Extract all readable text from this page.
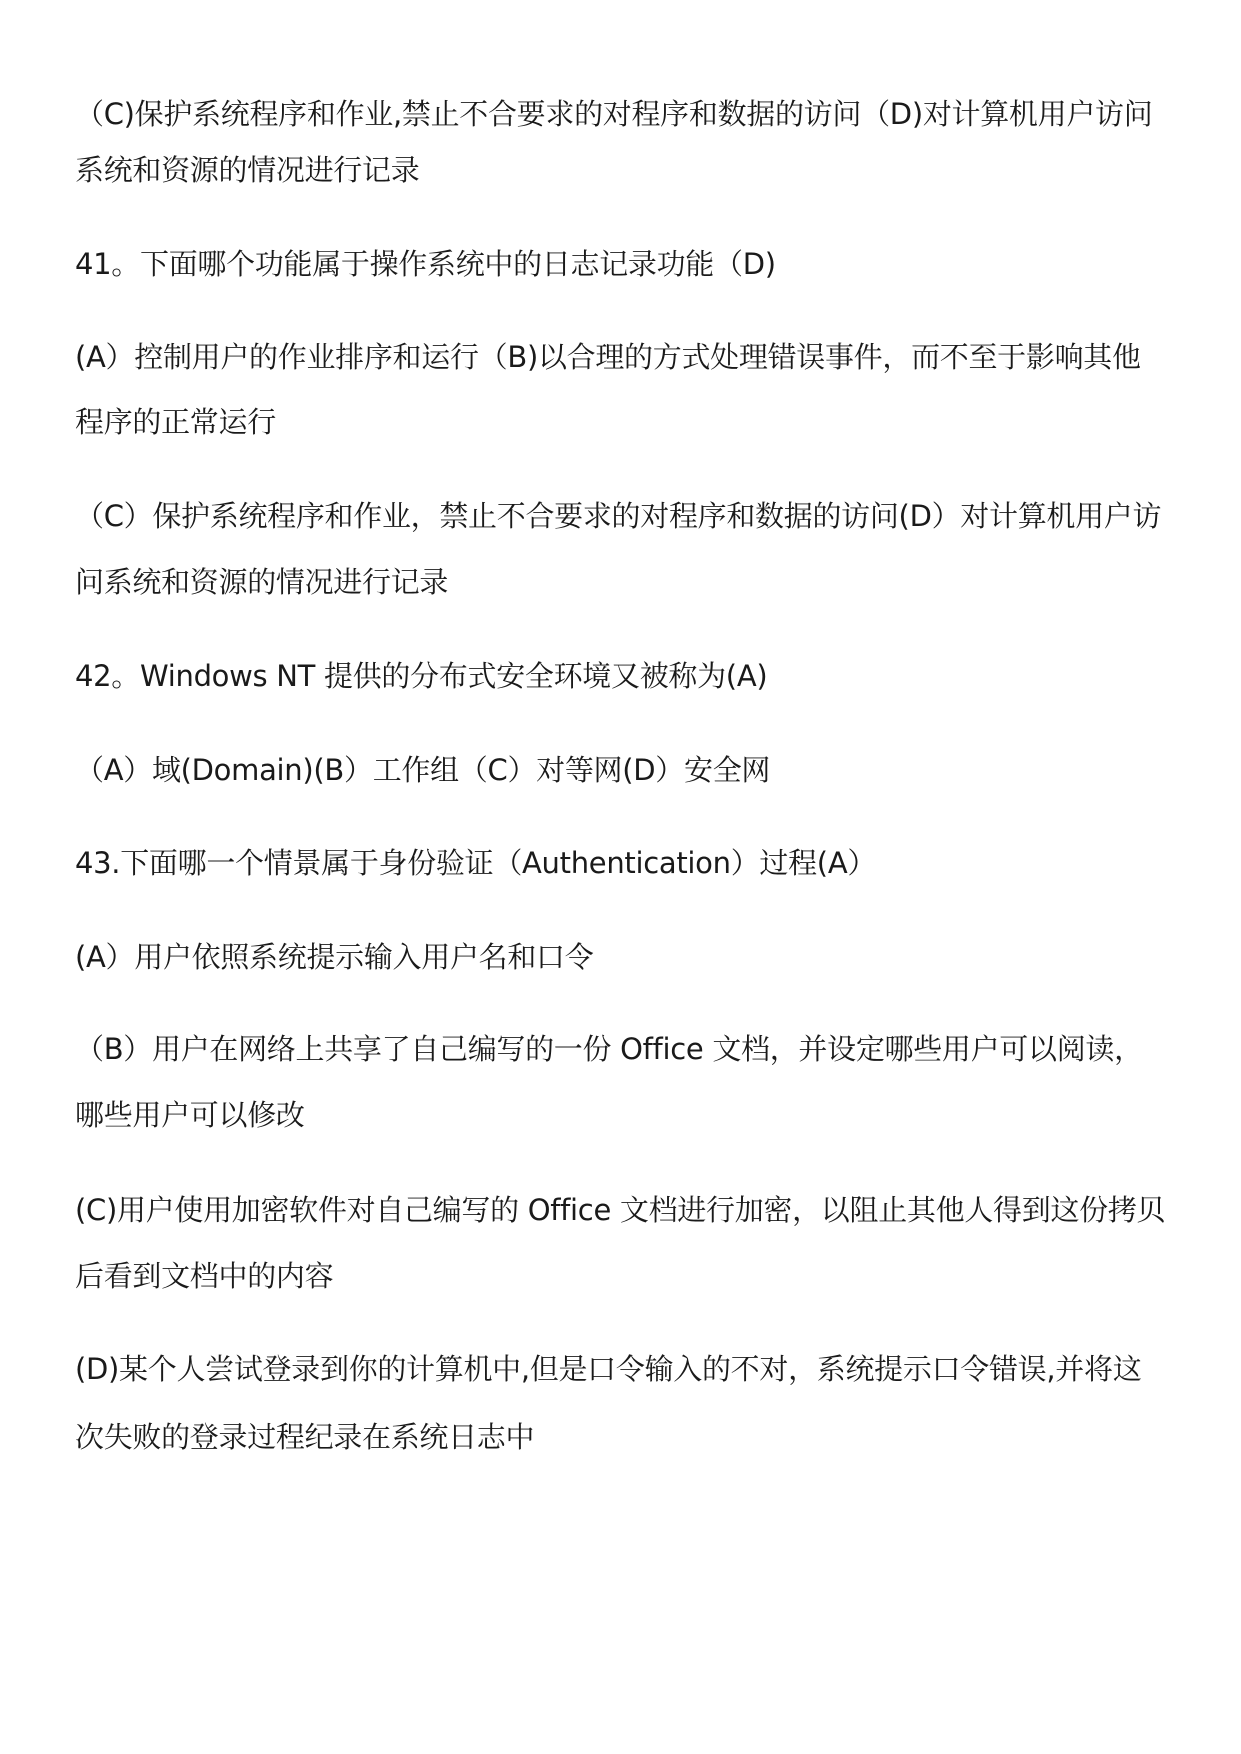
（C)保护系统程序和作业,禁止不合要求的对程序和数据的访问（D)对计算机用户访问
系统和资源的情况进行记录
41。下面哪个功能属于操作系统中的日志记录功能（D)
(A）控制用户的作业排序和运行（B)以合理的方式处理错误事件，而不至于影响其他
程序的正常运行
（C）保护系统程序和作业，禁止不合要求的对程序和数据的访问(D）对计算机用户访
问系统和资源的情况进行记录
42。Windows NT 提供的分布式安全环境又被称为(A)
（A）域(Domain)(B）工作组（C）对等网(D）安全网
43.下面哪一个情景属于身份验证（Authentication）过程(A）
(A）用户依照系统提示输入用户名和口令
（B）用户在网络上共享了自己编写的一份 Office 文档，并设定哪些用户可以阅读，
哪些用户可以修改
(C)用户使用加密软件对自己编写的 Office 文档进行加密，以阻止其他人得到这份拷贝
后看到文档中的内容
(D)某个人尝试登录到你的计算机中,但是口令输入的不对，系统提示口令错误,并将这
次失败的登录过程纪录在系统日志中
